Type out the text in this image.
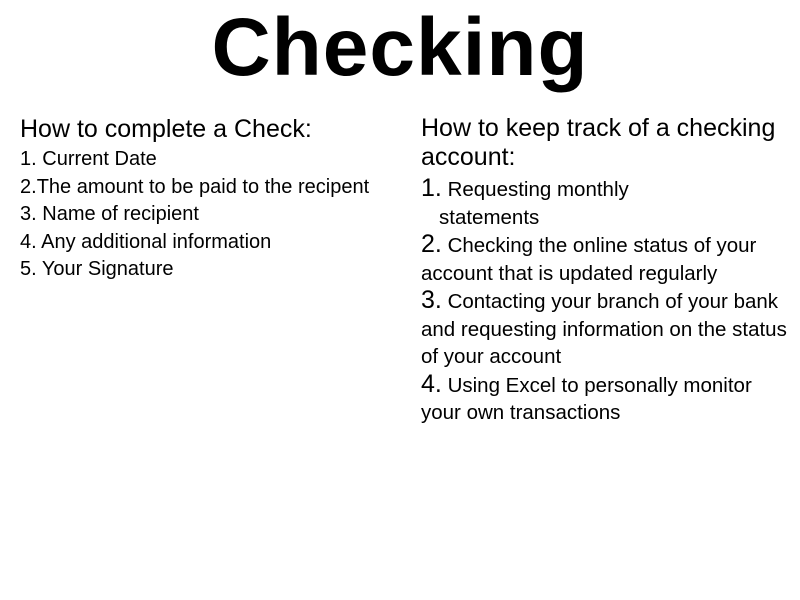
Checking
How to complete a Check:
1. Current Date
2.The amount to be paid to the recipent
3. Name of recipient
4. Any additional information
5. Your Signature
How to keep track of a checking account:
1. Requesting monthly
statements
2. Checking the online status of your account that is updated regularly
3. Contacting your branch of your bank and requesting information on the status of your account
4. Using Excel to personally monitor your own transactions
